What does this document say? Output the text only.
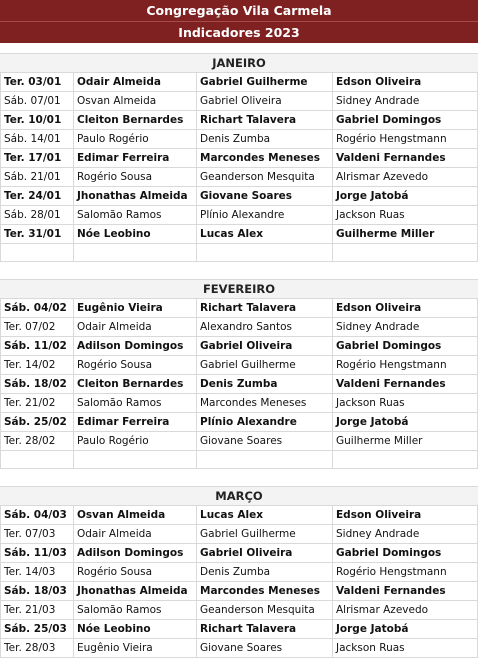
Congregação Vila Carmela
Indicadores 2023
JANEIRO
Ter. 03/01	Odair Almeida	Gabriel Guilherme	Edson Oliveira
Sáb. 07/01	Osvan Almeida	Gabriel Oliveira	Sidney Andrade
Ter. 10/01	Cleiton Bernardes	Richart Talavera	Gabriel Domingos
Sáb. 14/01	Paulo Rogério	Denis Zumba	Rogério Hengstmann
Ter. 17/01	Edimar Ferreira	Marcondes Meneses	Valdeni Fernandes
Sáb. 21/01	Rogério Sousa	Geanderson Mesquita	Alrismar Azevedo
Ter. 24/01	Jhonathas Almeida	Giovane Soares	Jorge Jatobá
Sáb. 28/01	Salomão Ramos	Plínio Alexandre	Jackson Ruas
Ter. 31/01	Nóe Leobino	Lucas Alex	Guilherme Miller
FEVEREIRO
Sáb. 04/02 Eugênio Vieira	Richart Talavera	Edson Oliveira
Ter. 07/02	Odair Almeida	Alexandro Santos	Sidney Andrade
Sáb. 11/02 Adilson Domingos	Gabriel Oliveira	Gabriel Domingos
Ter. 14/02	Rogério Sousa	Gabriel Guilherme	Rogério Hengstmann
Sáb. 18/02 Cleiton Bernardes	Denis Zumba	Valdeni Fernandes
Ter. 21/02	Salomão Ramos	Marcondes Meneses	Jackson Ruas
Sáb. 25/02 Edimar Ferreira	Plínio Alexandre	Jorge Jatobá
Ter. 28/02	Paulo Rogério	Giovane Soares	Guilherme Miller
MARÇO
Sáb. 04/03 Osvan Almeida	Lucas Alex	Edson Oliveira
Ter. 07/03	Odair Almeida	Gabriel Guilherme	Sidney Andrade
Sáb. 11/03 Adilson Domingos	Gabriel Oliveira	Gabriel Domingos
Ter. 14/03	Rogério Sousa	Denis Zumba	Rogério Hengstmann
Sáb. 18/03 Jhonathas Almeida	Marcondes Meneses	Valdeni Fernandes
Ter. 21/03	Salomão Ramos	Geanderson Mesquita	Alrismar Azevedo
Sáb. 25/03 Nóe Leobino	Richart Talavera	Jorge Jatobá
Ter. 28/03	Eugênio Vieira	Giovane Soares	Jackson Ruas
